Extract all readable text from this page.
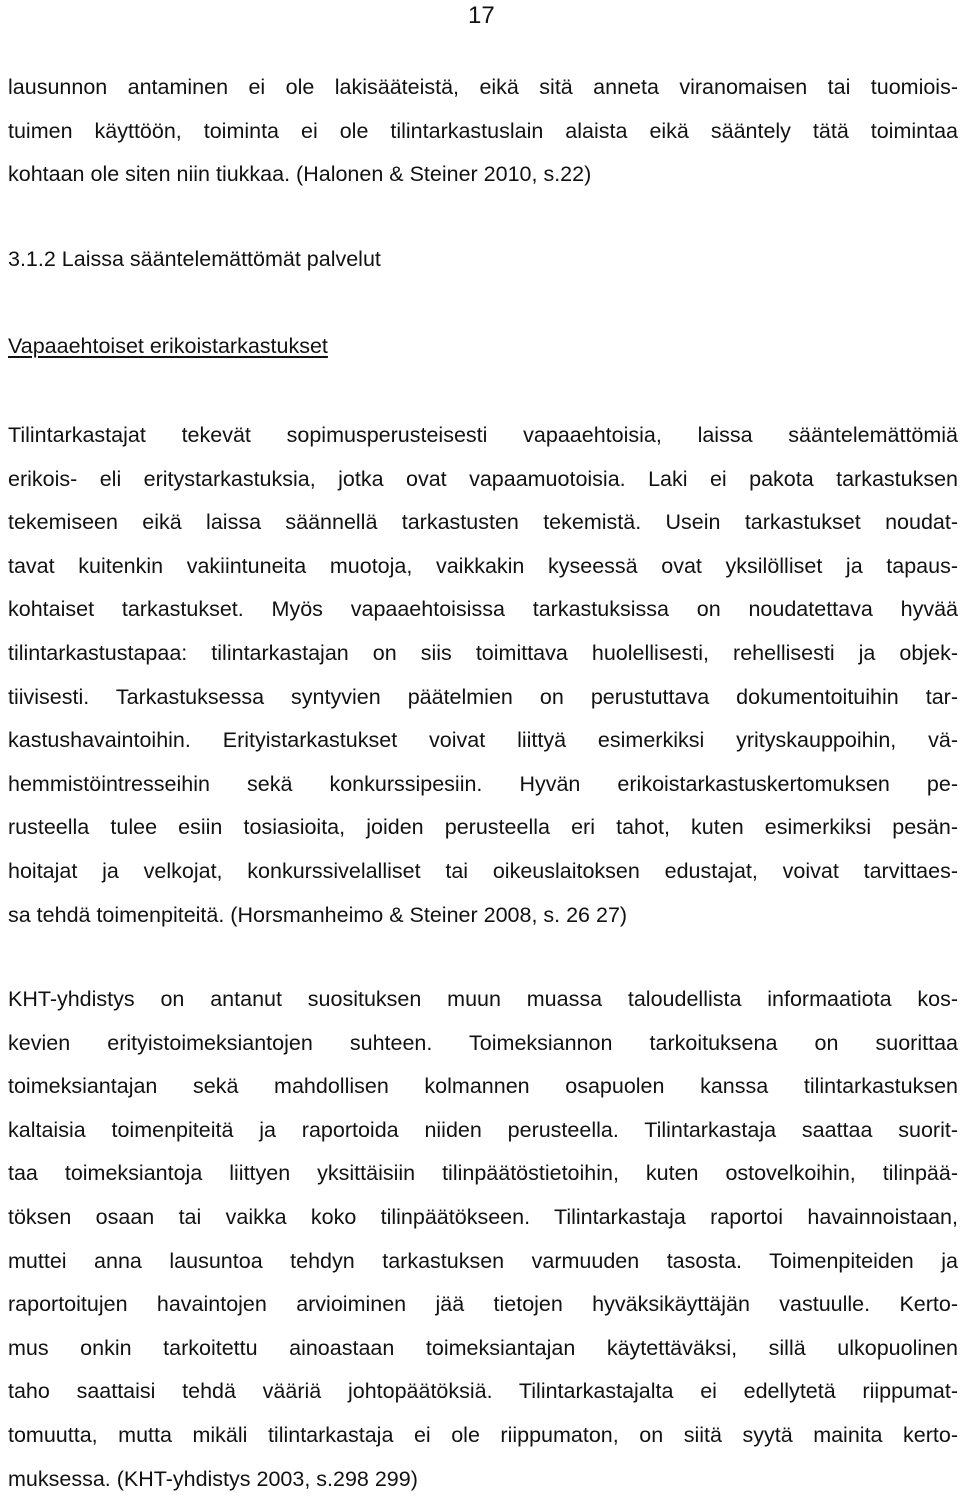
17
lausunnon antaminen ei ole lakisääteistä, eikä sitä anneta viranomaisen tai tuomiois-
tuimen käyttöön, toiminta ei ole tilintarkastuslain alaista eikä sääntely tätä toimintaa
kohtaan ole siten niin tiukkaa. (Halonen & Steiner 2010, s.22)
3.1.2 Laissa sääntelemättömät palvelut
Vapaaehtoiset erikoistarkastukset
Tilintarkastajat tekevät sopimusperusteisesti vapaaehtoisia, laissa sääntelemättömiä
erikois- eli eritystarkastuksia, jotka ovat vapaamuotoisia. Laki ei pakota tarkastuksen
tekemiseen eikä laissa säännellä tarkastusten tekemistä. Usein tarkastukset noudat-
tavat kuitenkin vakiintuneita muotoja, vaikkakin kyseessä ovat yksilölliset ja tapaus-
kohtaiset tarkastukset. Myös vapaaehtoisissa tarkastuksissa on noudatettava hyvää
tilintarkastustapaa: tilintarkastajan on siis toimittava huolellisesti, rehellisesti ja objek-
tiivisesti. Tarkastuksessa syntyvien päätelmien on perustuttava dokumentoituihin tar-
kastushavaintoihin. Erityistarkastukset voivat liittyä esimerkiksi yrityskauppoihin, vä-
hemmistöintresseihin sekä konkurssipesiin. Hyvän erikoistarkastuskertomuksen pe-
rusteella tulee esiin tosiasioita, joiden perusteella eri tahot, kuten esimerkiksi pesän-
hoitajat ja velkojat, konkurssivelalliset tai oikeuslaitoksen edustajat, voivat tarvittaes-
sa tehdä toimenpiteitä. (Horsmanheimo & Steiner 2008, s. 26 27)
KHT-yhdistys on antanut suosituksen muun muassa taloudellista informaatiota kos-
kevien erityistoimeksiantojen suhteen. Toimeksiannon tarkoituksena on suorittaa
toimeksiantajan sekä mahdollisen kolmannen osapuolen kanssa tilintarkastuksen
kaltaisia toimenpiteitä ja raportoida niiden perusteella. Tilintarkastaja saattaa suorit-
taa toimeksiantoja liittyen yksittäisiin tilinpäätöstietoihin, kuten ostovelkoihin, tilinpää-
töksen osaan tai vaikka koko tilinpäätökseen. Tilintarkastaja raportoi havainnoistaan,
muttei anna lausuntoa tehdyn tarkastuksen varmuuden tasosta. Toimenpiteiden ja
raportoitujen havaintojen arvioiminen jää tietojen hyväksikäyttäjän vastuulle. Kerto-
mus onkin tarkoitettu ainoastaan toimeksiantajan käytettäväksi, sillä ulkopuolinen
taho saattaisi tehdä vääriä johtopäätöksiä. Tilintarkastajalta ei edellytetä riippumat-
tomuutta, mutta mikäli tilintarkastaja ei ole riippumaton, on siitä syytä mainita kerto-
muksessa. (KHT-yhdistys 2003, s.298 299)
